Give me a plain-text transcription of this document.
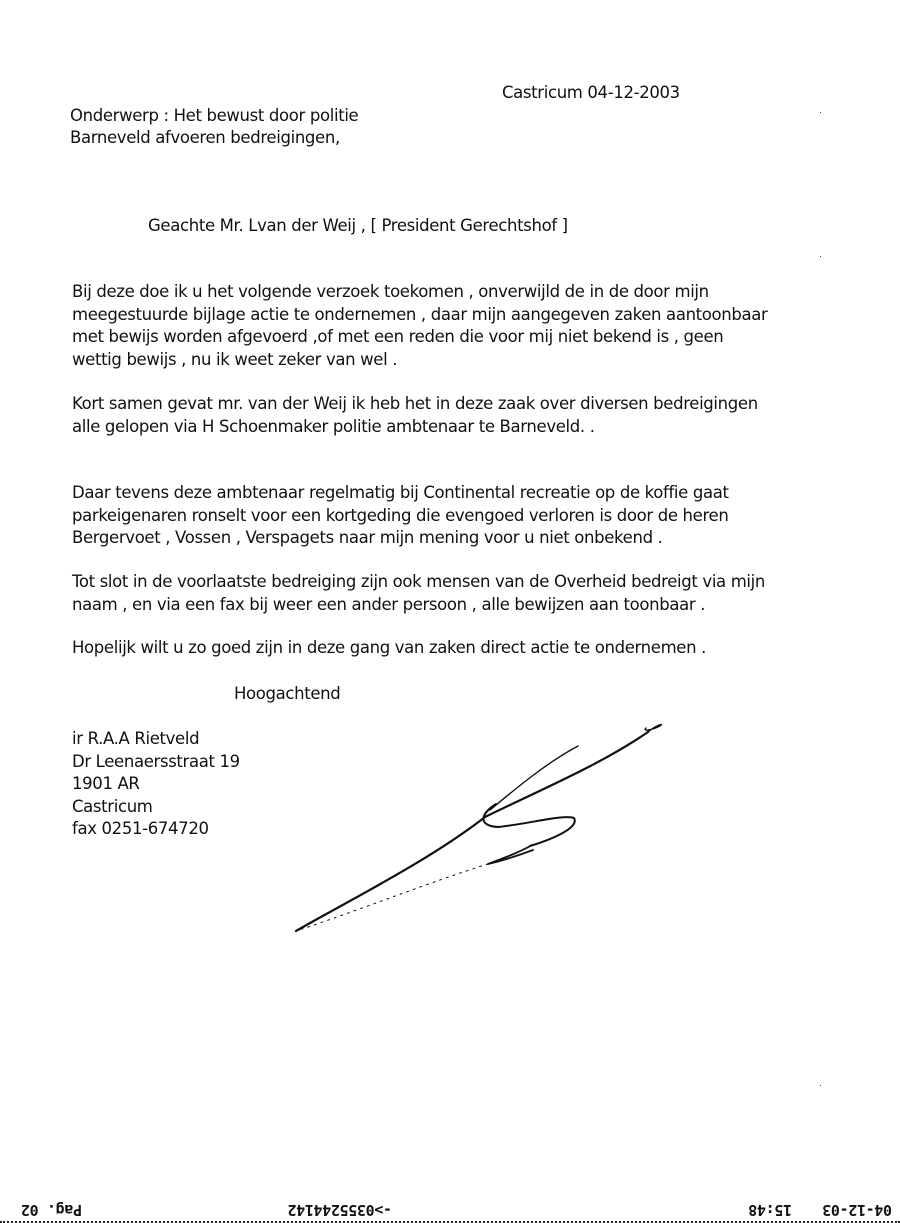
Castricum 04-12-2003
Onderwerp : Het bewust door politie
Barneveld afvoeren bedreigingen,
Geachte Mr. Lvan der Weij , [ President Gerechtshof ]
Bij deze doe ik u het volgende verzoek toekomen , onverwijld de in de door mijn
meegestuurde bijlage actie te ondernemen , daar mijn aangegeven zaken aantoonbaar
met bewijs worden afgevoerd ,of met een reden die voor mij niet bekend is , geen
wettig bewijs , nu ik weet zeker van wel .
Kort samen gevat mr. van der Weij ik heb het in deze zaak over diversen bedreigingen
alle gelopen via H Schoenmaker politie ambtenaar te Barneveld. .
Daar tevens deze ambtenaar regelmatig bij Continental recreatie op de koffie gaat
parkeigenaren ronselt voor een kortgeding die evengoed verloren is door de heren
Bergervoet , Vossen , Verspagets naar mijn mening voor u niet onbekend .
Tot slot in de voorlaatste bedreiging zijn ook mensen van de Overheid bedreigt via mijn
naam , en via een fax bij weer een ander persoon , alle bewijzen aan toonbaar .
Hopelijk wilt u zo goed zijn in deze gang van zaken direct actie te ondernemen .
Hoogachtend
ir R.A.A Rietveld
Dr Leenaersstraat 19
1901 AR
Castricum
fax 0251-674720
04-12-03
15:48
->0355244142
Pag. 02
